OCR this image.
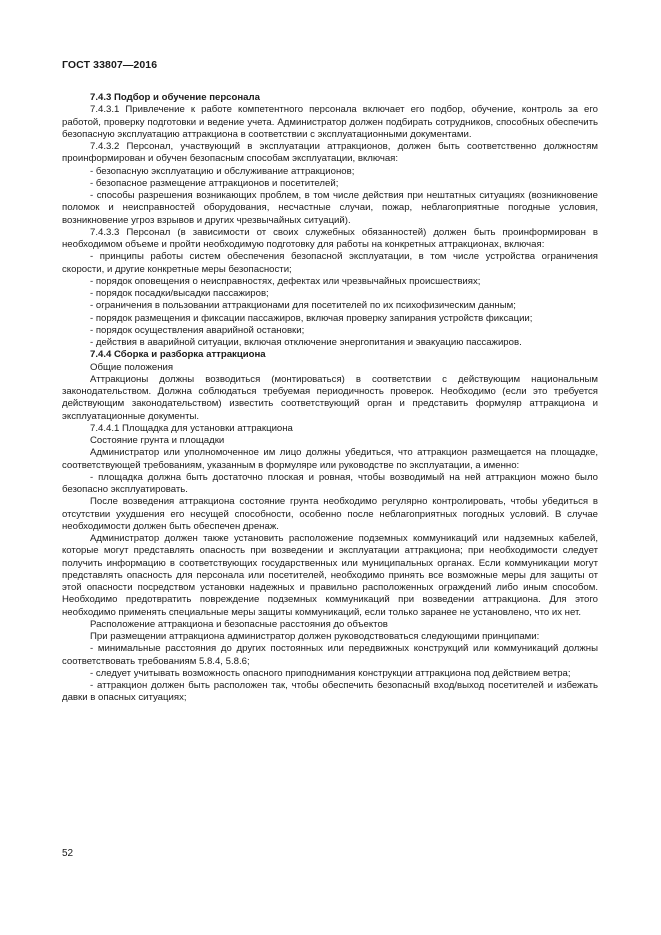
ГОСТ 33807—2016

7.4.3 Подбор и обучение персонала

7.4.3.1 Привлечение к работе компетентного персонала включает его подбор, обучение, контроль за его работой, проверку подготовки и ведение учета. Администратор должен подбирать сотрудников, способных обеспечить безопасную эксплуатацию аттракциона в соответствии с эксплуатационными документами.

7.4.3.2 Персонал, участвующий в эксплуатации аттракционов, должен быть соответственно должностям проинформирован и обучен безопасным способам эксплуатации, включая:

- безопасную эксплуатацию и обслуживание аттракционов;

- безопасное размещение аттракционов и посетителей;

- способы разрешения возникающих проблем, в том числе действия при нештатных ситуациях (возникновение поломок и неисправностей оборудования, несчастные случаи, пожар, неблагоприятные погодные условия, возникновение угроз взрывов и других чрезвычайных ситуаций).

7.4.3.3 Персонал (в зависимости от своих служебных обязанностей) должен быть проинформирован в необходимом объеме и пройти необходимую подготовку для работы на конкретных аттракционах, включая:

- принципы работы систем обеспечения безопасной эксплуатации, в том числе устройства ограничения скорости, и другие конкретные меры безопасности;

- порядок оповещения о неисправностях, дефектах или чрезвычайных происшествиях;

- порядок посадки/высадки пассажиров;

- ограничения в пользовании аттракционами для посетителей по их психофизическим данным;

- порядок размещения и фиксации пассажиров, включая проверку запирания устройств фиксации;

- порядок осуществления аварийной остановки;

- действия в аварийной ситуации, включая отключение энергопитания и эвакуацию пассажиров.

7.4.4 Сборка и разборка аттракциона

Общие положения

Аттракционы должны возводиться (монтироваться) в соответствии с действующим национальным законодательством. Должна соблюдаться требуемая периодичность проверок. Необходимо (если это требуется действующим законодательством) известить соответствующий орган и представить формуляр аттракциона и эксплуатационные документы.

7.4.4.1 Площадка для установки аттракциона

Состояние грунта и площадки

Администратор или уполномоченное им лицо должны убедиться, что аттракцион размещается на площадке, соответствующей требованиям, указанным в формуляре или руководстве по эксплуатации, а именно:

- площадка должна быть достаточно плоская и ровная, чтобы возводимый на ней аттракцион можно было безопасно эксплуатировать.

После возведения аттракциона состояние грунта необходимо регулярно контролировать, чтобы убедиться в отсутствии ухудшения его несущей способности, особенно после неблагоприятных погодных условий. В случае необходимости должен быть обеспечен дренаж.

Администратор должен также установить расположение подземных коммуникаций или надземных кабелей, которые могут представлять опасность при возведении и эксплуатации аттракциона; при необходимости следует получить информацию в соответствующих государственных или муниципальных органах. Если коммуникации могут представлять опасность для персонала или посетителей, необходимо принять все возможные меры для защиты от этой опасности посредством установки надежных и правильно расположенных ограждений либо иным способом. Необходимо предотвратить повреждение подземных коммуникаций при возведении аттракциона. Для этого необходимо применять специальные меры защиты коммуникаций, если только заранее не установлено, что их нет.

Расположение аттракциона и безопасные расстояния до объектов

При размещении аттракциона администратор должен руководствоваться следующими принципами:

- минимальные расстояния до других постоянных или передвижных конструкций или коммуникаций должны соответствовать требованиям 5.8.4, 5.8.6;

- следует учитывать возможность опасного приподнимания конструкции аттракциона под действием ветра;

- аттракцион должен быть расположен так, чтобы обеспечить безопасный вход/выход посетителей и избежать давки в опасных ситуациях;

52
